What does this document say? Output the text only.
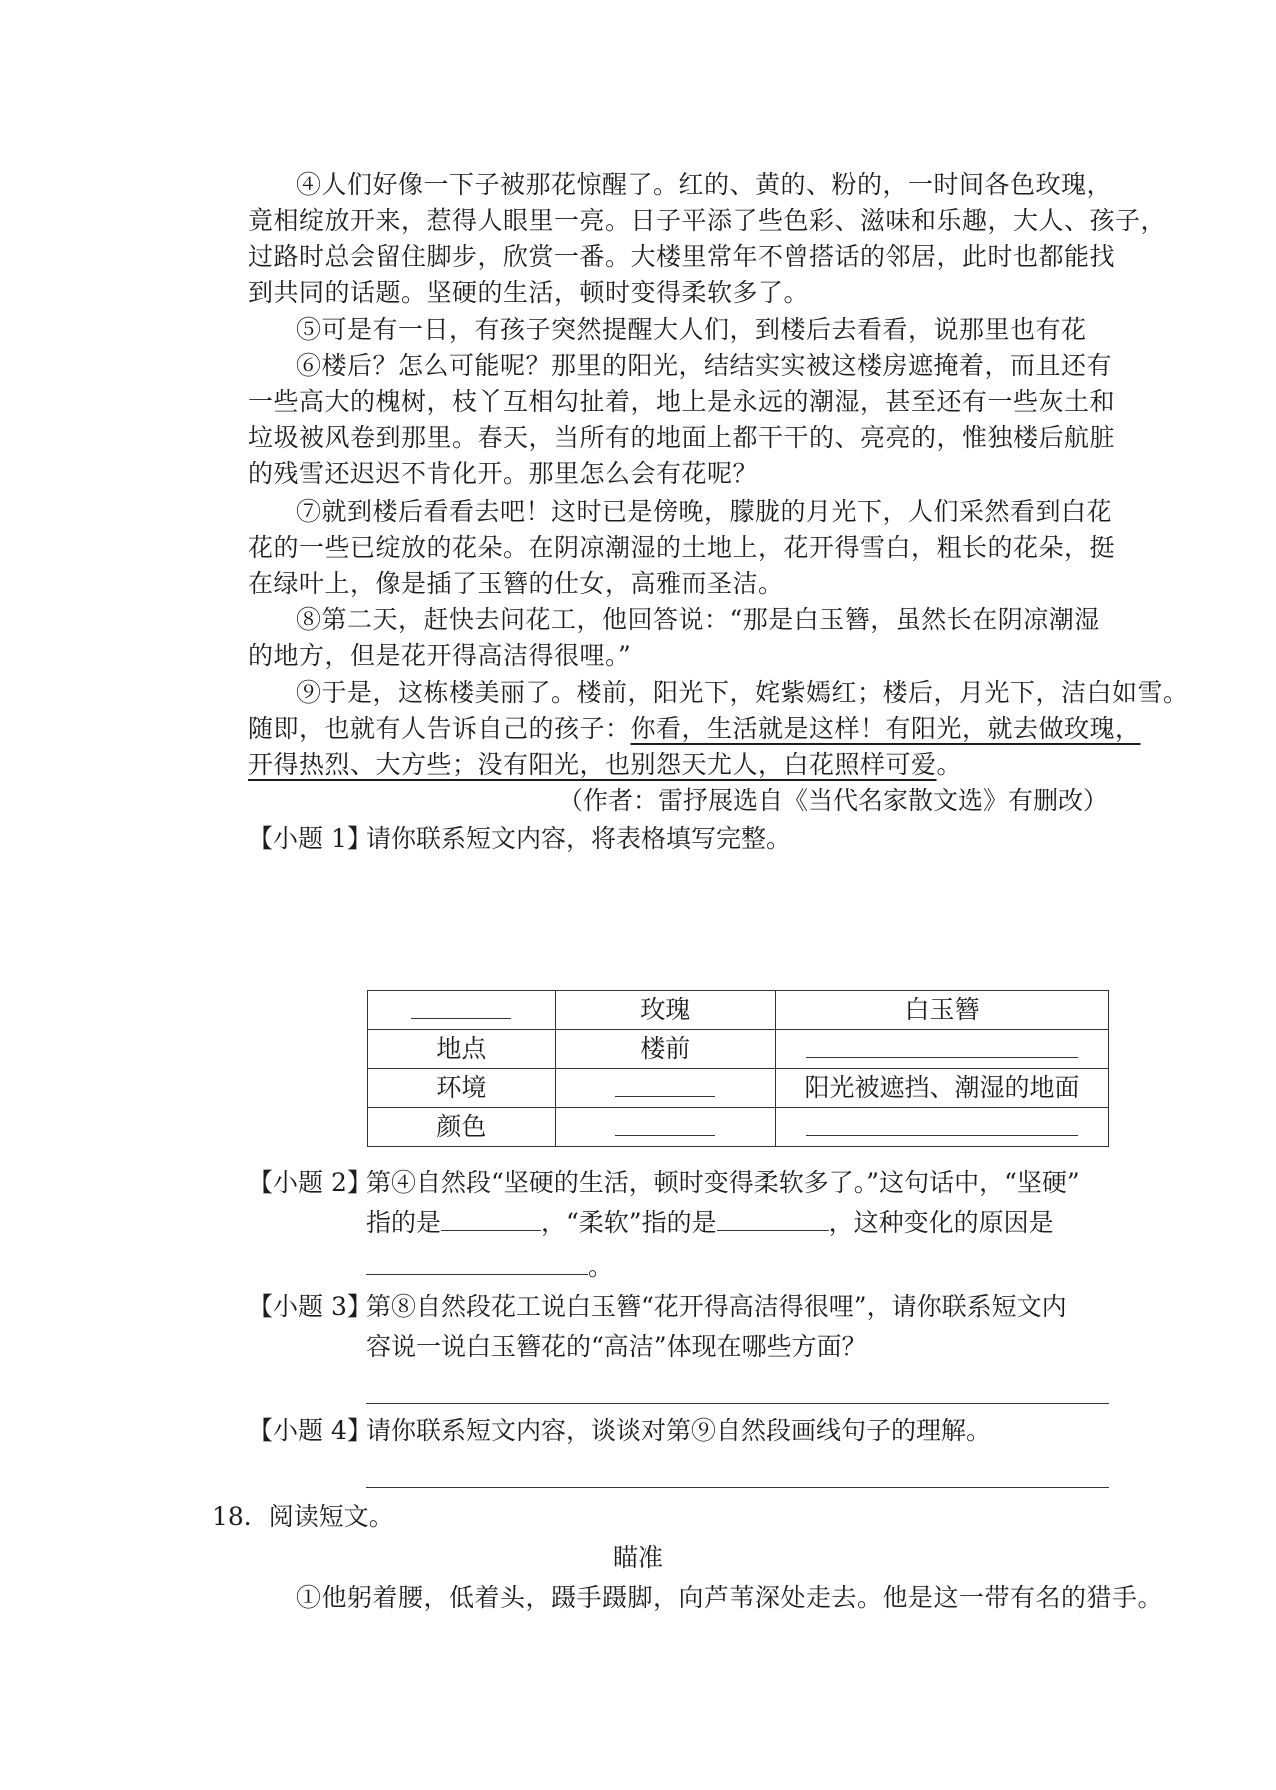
④人们好像一下子被那花惊醒了。红的、黄的、粉的，一时间各色玫瑰，
竟相绽放开来，惹得人眼里一亮。日子平添了些色彩、滋味和乐趣，大人、孩子，
过路时总会留住脚步，欣赏一番。大楼里常年不曾搭话的邻居，此时也都能找
到共同的话题。坚硬的生活，顿时变得柔软多了。
⑤可是有一日，有孩子突然提醒大人们，到楼后去看看，说那里也有花
⑥楼后？怎么可能呢？那里的阳光，结结实实被这楼房遮掩着，而且还有
一些高大的槐树，枝丫互相勾扯着，地上是永远的潮湿，甚至还有一些灰土和
垃圾被风卷到那里。春天，当所有的地面上都干干的、亮亮的，惟独楼后航脏
的残雪还迟迟不肯化开。那里怎么会有花呢？
⑦就到楼后看看去吧！这时已是傍晚，朦胧的月光下，人们采然看到白花
花的一些已绽放的花朵。在阴凉潮湿的土地上，花开得雪白，粗长的花朵，挺
在绿叶上，像是插了玉簪的仕女，高雅而圣洁。
⑧第二天，赶快去问花工，他回答说：“那是白玉簪，虽然长在阴凉潮湿
的地方，但是花开得高洁得很哩。”
⑨于是，这栋楼美丽了。楼前，阳光下，姹紫嫣红；楼后，月光下，洁白如雪。
随即，也就有人告诉自己的孩子：你看，生活就是这样！有阳光，就去做玫瑰，
开得热烈、大方些；没有阳光，也别怨天尤人，白花照样可爱。
（作者：雷抒展选自《当代名家散文选》有删改）
【小题 1】
请你联系短文内容，将表格填写完整。
	玫瑰	白玉簪
地点	楼前	
环境		阳光被遮挡、潮湿的地面
颜色		
【小题 2】
第④自然段“坚硬的生活，顿时变得柔软多了。”这句话中，“坚硬”
指的是	，“柔软”指的是	，这种变化的原因是
。
【小题 3】
第⑧自然段花工说白玉簪“花开得高洁得很哩”，请你联系短文内
容说一说白玉簪花的“高洁”体现在哪些方面？
【小题 4】
请你联系短文内容，谈谈对第⑨自然段画线句子的理解。
18．阅读短文。
瞄准
①他躬着腰，低着头，蹑手蹑脚，向芦苇深处走去。他是这一带有名的猎手。
